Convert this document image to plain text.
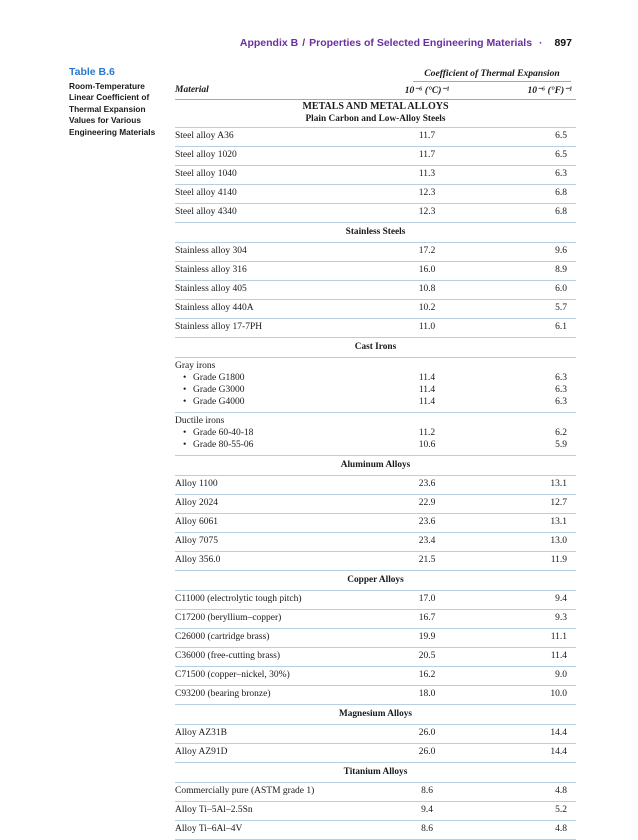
Appendix B / Properties of Selected Engineering Materials · 897
Table B.6
Room-Temperature
Linear Coefficient of
Thermal Expansion
Values for Various
Engineering Materials
Coefficient of Thermal Expansion
Material	10⁻⁶ (°C)⁻¹	10⁻⁶ (°F)⁻¹
METALS AND METAL ALLOYS
Plain Carbon and Low-Alloy Steels
Steel alloy A36	11.7	6.5
Steel alloy 1020	11.7	6.5
Steel alloy 1040	11.3	6.3
Steel alloy 4140	12.3	6.8
Steel alloy 4340	12.3	6.8
Stainless Steels
Stainless alloy 304	17.2	9.6
Stainless alloy 316	16.0	8.9
Stainless alloy 405	10.8	6.0
Stainless alloy 440A	10.2	5.7
Stainless alloy 17-7PH	11.0	6.1
Cast Irons
Gray irons
• Grade G1800	11.4	6.3
• Grade G3000	11.4	6.3
• Grade G4000	11.4	6.3
Ductile irons
• Grade 60-40-18	11.2	6.2
• Grade 80-55-06	10.6	5.9
Aluminum Alloys
Alloy 1100	23.6	13.1
Alloy 2024	22.9	12.7
Alloy 6061	23.6	13.1
Alloy 7075	23.4	13.0
Alloy 356.0	21.5	11.9
Copper Alloys
C11000 (electrolytic tough pitch)	17.0	9.4
C17200 (beryllium–copper)	16.7	9.3
C26000 (cartridge brass)	19.9	11.1
C36000 (free-cutting brass)	20.5	11.4
C71500 (copper–nickel, 30%)	16.2	9.0
C93200 (bearing bronze)	18.0	10.0
Magnesium Alloys
Alloy AZ31B	26.0	14.4
Alloy AZ91D	26.0	14.4
Titanium Alloys
Commercially pure (ASTM grade 1)	8.6	4.8
Alloy Ti–5Al–2.5Sn	9.4	5.2
Alloy Ti–6Al–4V	8.6	4.8
